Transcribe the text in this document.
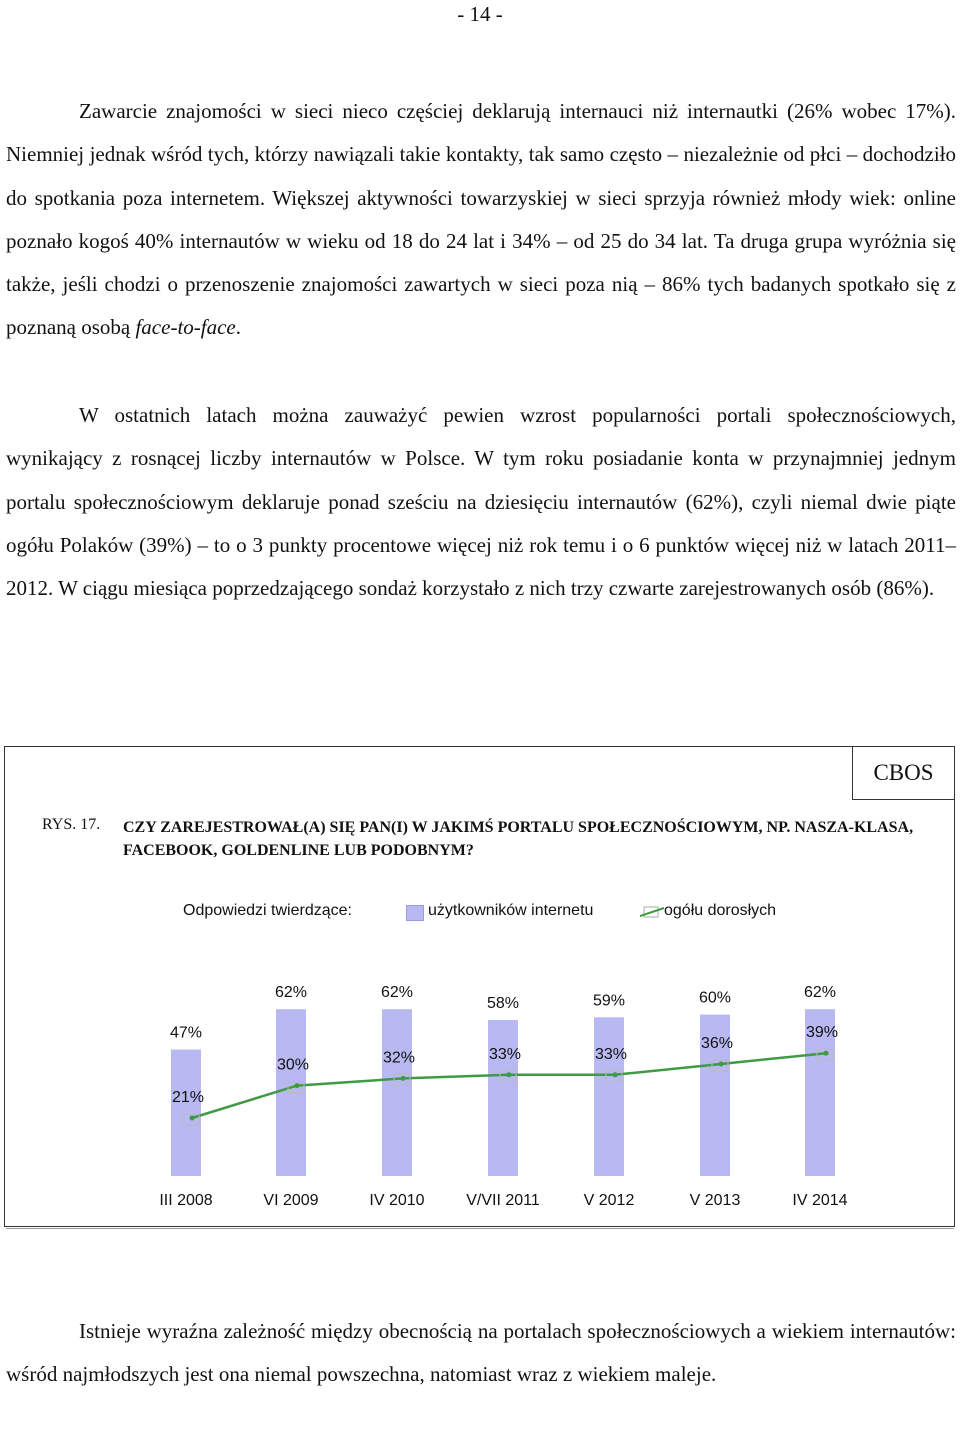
- 14 -

Zawarcie znajomości w sieci nieco częściej deklarują internauci niż internautki (26% wobec 17%). Niemniej jednak wśród tych, którzy nawiązali takie kontakty, tak samo często – niezależnie od płci – dochodziło do spotkania poza internetem. Większej aktywności towarzyskiej w sieci sprzyja również młody wiek: online poznało kogoś 40% internautów w wieku od 18 do 24 lat i 34% – od 25 do 34 lat. Ta druga grupa wyróżnia się także, jeśli chodzi o przenoszenie znajomości zawartych w sieci poza nią – 86% tych badanych spotkało się z poznaną osobą face-to-face.

W ostatnich latach można zauważyć pewien wzrost popularności portali społecznościowych, wynikający z rosnącej liczby internautów w Polsce. W tym roku posiadanie konta w przynajmniej jednym portalu społecznościowym deklaruje ponad sześciu na dziesięciu internautów (62%), czyli niemal dwie piąte ogółu Polaków (39%) – to o 3 punkty procentowe więcej niż rok temu i o 6 punktów więcej niż w latach 2011–2012. W ciągu miesiąca poprzedzającego sondaż korzystało z nich trzy czwarte zarejestrowanych osób (86%).

CBOS
RYS. 17. CZY ZAREJESTROWAŁ(A) SIĘ PAN(I) W JAKIMŚ PORTALU SPOŁECZNOŚCIOWYM, NP. NASZA-KLASA, FACEBOOK, GOLDENLINE LUB PODOBNYM?
Odpowiedzi twierdzące:	użytkowników internetu	ogółu dorosłych
47%
62%	62%
58%	59%	60%	62%
21%
30%	32%	33%	33%
36%
39%
III 2008	VI 2009	IV 2010	V/VII 2011	V 2012	V 2013	IV 2014

Istnieje wyraźna zależność między obecnością na portalach społecznościowych a wiekiem internautów: wśród najmłodszych jest ona niemal powszechna, natomiast wraz z wiekiem maleje.
